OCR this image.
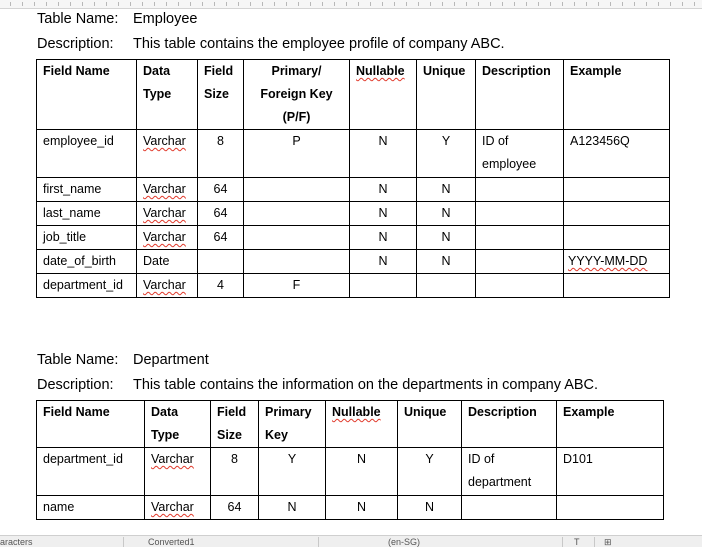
Table Name: Employee
Description: This table contains the employee profile of company ABC.
Field Name	Data Type	Field Size	Primary/ Foreign Key (P/F)	Nullable	Unique	Description	Example
employee_id	Varchar	8	P	N	Y	ID of employee	A123456Q
first_name	Varchar	64		N	N		
last_name	Varchar	64		N	N		
job_title	Varchar	64		N	N		
date_of_birth	Date			N	N		YYYY-MM-DD
department_id	Varchar	4	F				
Table Name: Department
Description: This table contains the information on the departments in company ABC.
Field Name	Data Type	Field Size	Primary Key	Nullable	Unique	Description	Example
department_id	Varchar	8	Y	N	Y	ID of department	D101
name	Varchar	64	N	N	N		
aracters	Converted1	(en-SG)	T	⊞
